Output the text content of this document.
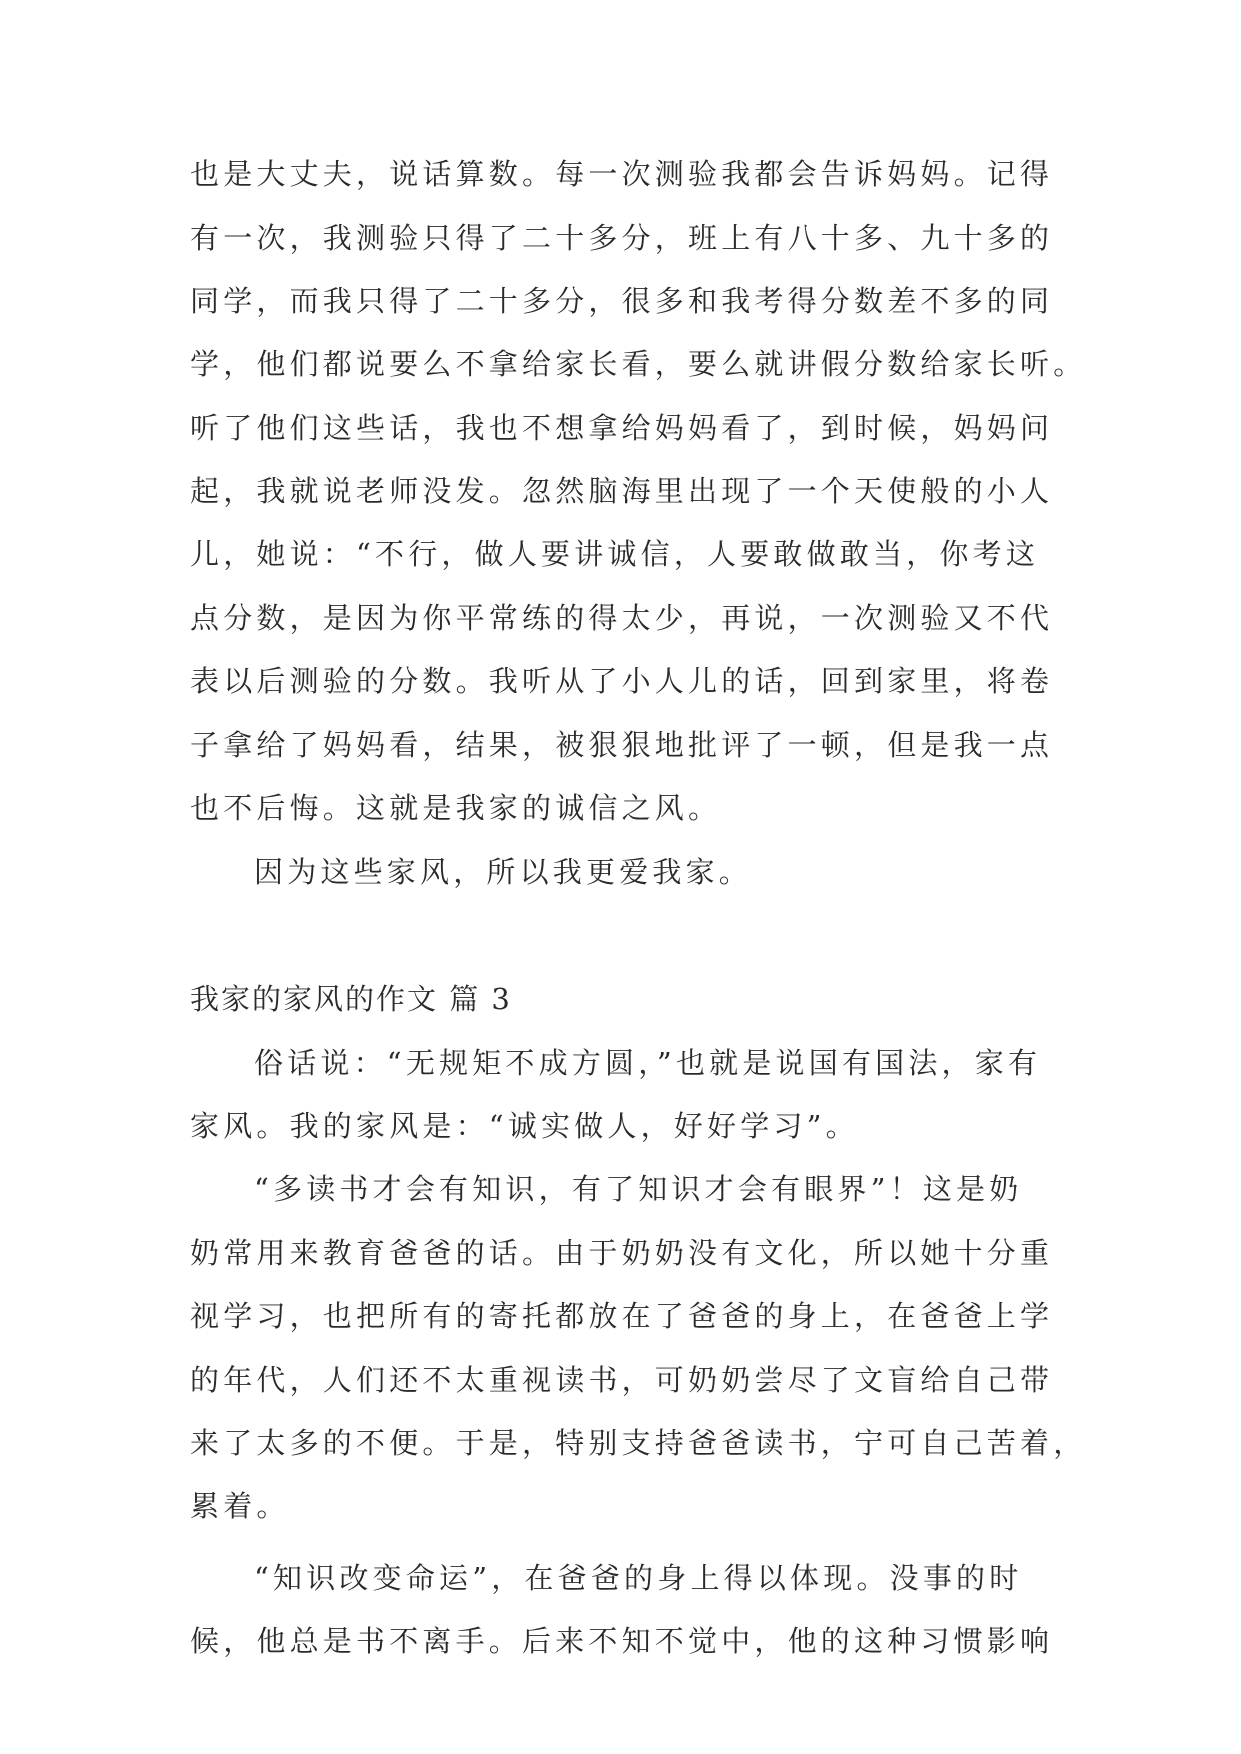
也是大丈夫，说话算数。每一次测验我都会告诉妈妈。记得
有一次，我测验只得了二十多分，班上有八十多、九十多的
同学，而我只得了二十多分，很多和我考得分数差不多的同
学，他们都说要么不拿给家长看，要么就讲假分数给家长听。
听了他们这些话，我也不想拿给妈妈看了，到时候，妈妈问
起，我就说老师没发。忽然脑海里出现了一个天使般的小人
儿，她说：“不行，做人要讲诚信，人要敢做敢当，你考这
点分数，是因为你平常练的得太少，再说，一次测验又不代
表以后测验的分数。我听从了小人儿的话，回到家里，将卷
子拿给了妈妈看，结果，被狠狠地批评了一顿，但是我一点
也不后悔。这就是我家的诚信之风。
因为这些家风，所以我更爱我家。
我家的家风的作文 篇 3
俗话说：“无规矩不成方圆，”也就是说国有国法，家有
家风。我的家风是：“诚实做人，好好学习”。
“多读书才会有知识，有了知识才会有眼界”！这是奶
奶常用来教育爸爸的话。由于奶奶没有文化，所以她十分重
视学习，也把所有的寄托都放在了爸爸的身上，在爸爸上学
的年代，人们还不太重视读书，可奶奶尝尽了文盲给自己带
来了太多的不便。于是，特别支持爸爸读书，宁可自己苦着，
累着。
“知识改变命运”，在爸爸的身上得以体现。没事的时
候，他总是书不离手。后来不知不觉中，他的这种习惯影响
